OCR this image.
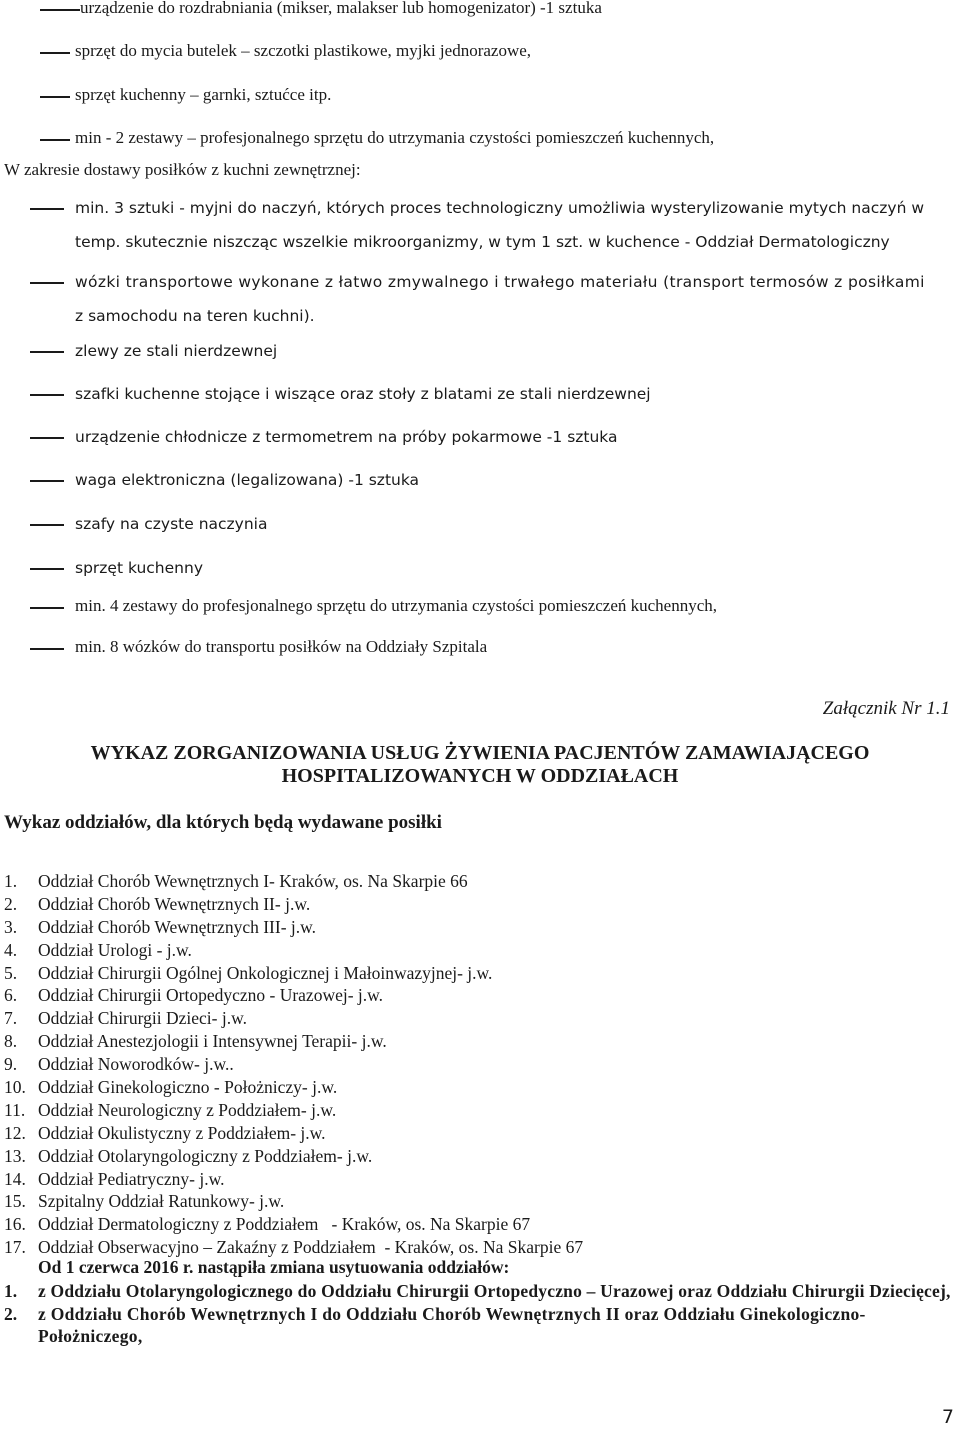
urządzenie do rozdrabniania (mikser, malakser lub homogenizator) -1 sztuka
sprzęt do mycia butelek – szczotki plastikowe, myjki jednorazowe,
sprzęt kuchenny – garnki, sztućce itp.
min - 2 zestawy – profesjonalnego sprzętu do utrzymania czystości pomieszczeń kuchennych,
W zakresie dostawy posiłków z kuchni zewnętrznej:
min. 3 sztuki - myjni do naczyń, których proces technologiczny umożliwia wysterylizowanie mytych naczyń w
temp. skutecznie niszcząc wszelkie mikroorganizmy, w tym 1 szt. w kuchence - Oddział Dermatologiczny
wózki transportowe wykonane z łatwo zmywalnego i trwałego materiału (transport termosów z posiłkami
z samochodu na teren kuchni).
zlewy ze stali nierdzewnej
szafki kuchenne stojące i wiszące oraz stoły z blatami ze stali nierdzewnej
urządzenie chłodnicze z termometrem na próby pokarmowe -1 sztuka
waga elektroniczna (legalizowana) -1 sztuka
szafy na czyste naczynia
sprzęt kuchenny
min. 4 zestawy do profesjonalnego sprzętu do utrzymania czystości pomieszczeń kuchennych,
min. 8 wózków do transportu posiłków na Oddziały Szpitala
Załącznik Nr 1.1
WYKAZ ZORGANIZOWANIA USŁUG ŻYWIENIA PACJENTÓW ZAMAWIAJĄCEGO
HOSPITALIZOWANYCH W ODDZIAŁACH
Wykaz oddziałów, dla których będą wydawane posiłki
1. Oddział Chorób Wewnętrznych I- Kraków, os. Na Skarpie 66
2. Oddział Chorób Wewnętrznych II- j.w.
3. Oddział Chorób Wewnętrznych III- j.w.
4. Oddział Urologi - j.w.
5. Oddział Chirurgii Ogólnej Onkologicznej i Małoinwazyjnej- j.w.
6. Oddział Chirurgii Ortopedyczno - Urazowej- j.w.
7. Oddział Chirurgii Dzieci- j.w.
8. Oddział Anestezjologii i Intensywnej Terapii- j.w.
9. Oddział Noworodków- j.w..
10. Oddział Ginekologiczno - Położniczy- j.w.
11. Oddział Neurologiczny z Poddziałem- j.w.
12. Oddział Okulistyczny z Poddziałem- j.w.
13. Oddział Otolaryngologiczny z Poddziałem- j.w.
14. Oddział Pediatryczny- j.w.
15. Szpitalny Oddział Ratunkowy- j.w.
16. Oddział Dermatologiczny z Poddziałem   - Kraków, os. Na Skarpie 67
17. Oddział Obserwacyjno – Zakaźny z Poddziałem  - Kraków, os. Na Skarpie 67
Od 1 czerwca 2016 r. nastąpiła zmiana usytuowania oddziałów:
1. z Oddziału Otolaryngologicznego do Oddziału Chirurgii Ortopedyczno – Urazowej oraz Oddziału Chirurgii Dziecięcej,
2. z Oddziału Chorób Wewnętrznych I do Oddziału Chorób Wewnętrznych II oraz Oddziału Ginekologiczno-Położniczego,
7
